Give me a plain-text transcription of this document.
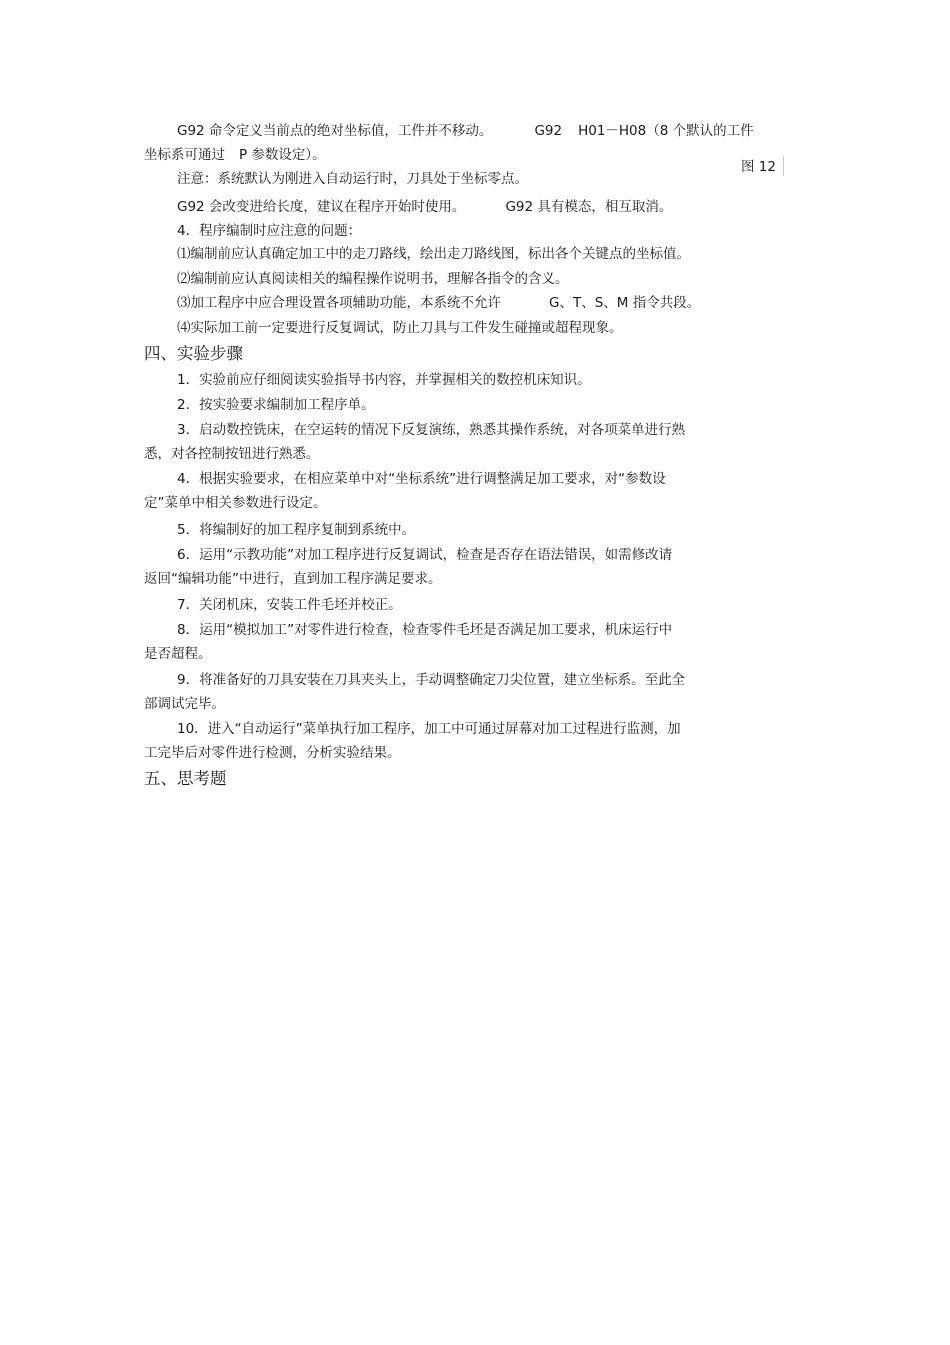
G92 命令定义当前点的绝对坐标值，工件并不移动。	G92 H01－H08（8 个默认的工件
坐标系可通过 P 参数设定）。
图 12
注意：系统默认为刚进入自动运行时，刀具处于坐标零点。
G92 会改变进给长度，建议在程序开始时使用。	G92 具有模态，相互取消。
4．程序编制时应注意的问题：
⑴编制前应认真确定加工中的走刀路线，绘出走刀路线图，标出各个关键点的坐标值。
⑵编制前应认真阅读相关的编程操作说明书，理解各指令的含义。
⑶加工程序中应合理设置各项辅助功能，本系统不允许	G、T、S、M 指令共段。
⑷实际加工前一定要进行反复调试，防止刀具与工件发生碰撞或超程现象。
四、实验步骤
1．实验前应仔细阅读实验指导书内容，并掌握相关的数控机床知识。
2．按实验要求编制加工程序单。
3．启动数控铣床，在空运转的情况下反复演练，熟悉其操作系统，对各项菜单进行熟
悉，对各控制按钮进行熟悉。
4．根据实验要求，在相应菜单中对“坐标系统”进行调整满足加工要求，对“参数设
定”菜单中相关参数进行设定。
5．将编制好的加工程序复制到系统中。
6．运用“示教功能”对加工程序进行反复调试，检查是否存在语法错误，如需修改请
返回“编辑功能”中进行，直到加工程序满足要求。
7．关闭机床，安装工件毛坯并校正。
8．运用“模拟加工”对零件进行检查，检查零件毛坯是否满足加工要求，机床运行中
是否超程。
9．将准备好的刀具安装在刀具夹头上，手动调整确定刀尖位置，建立坐标系。至此全
部调试完毕。
10．进入“自动运行”菜单执行加工程序，加工中可通过屏幕对加工过程进行监测，加
工完毕后对零件进行检测，分析实验结果。
五、思考题
